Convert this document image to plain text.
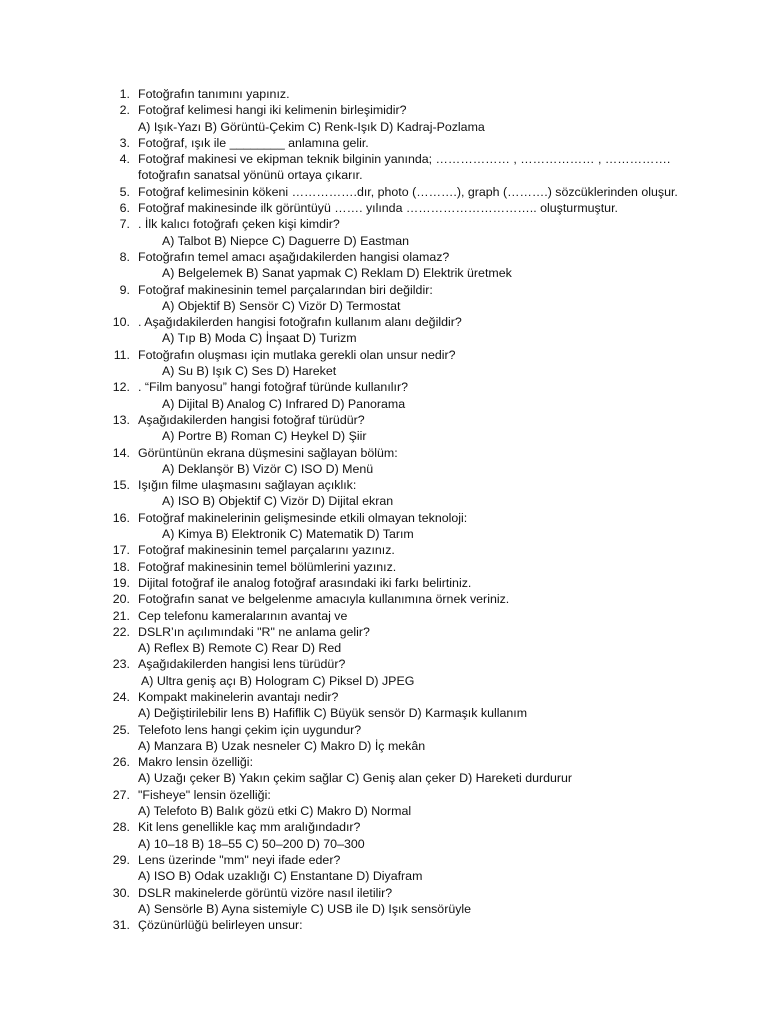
1. Fotoğrafın tanımını yapınız.
2. Fotoğraf kelimesi hangi iki kelimenin birleşimidir?
A) Işık-Yazı B) Görüntü-Çekim C) Renk-Işık D) Kadraj-Pozlama
3. Fotoğraf, ışık ile ________ anlamına gelir.
4. Fotoğraf makinesi ve ekipman teknik bilginin yanında; ……………… , ……………… , …………….
fotoğrafın sanatsal yönünü ortaya çıkarır.
5. Fotoğraf kelimesinin kökeni …………….dır, photo (……….), graph (……….) sözcüklerinden oluşur.
6. Fotoğraf makinesinde ilk görüntüyü ……. yılında ………………………….. oluşturmuştur.
7. . İlk kalıcı fotoğrafı çeken kişi kimdir?
A) Talbot B) Niepce C) Daguerre D) Eastman
8. Fotoğrafın temel amacı aşağıdakilerden hangisi olamaz?
A) Belgelemek B) Sanat yapmak C) Reklam D) Elektrik üretmek
9. Fotoğraf makinesinin temel parçalarından biri değildir:
A) Objektif B) Sensör C) Vizör D) Termostat
10. . Aşağıdakilerden hangisi fotoğrafın kullanım alanı değildir?
A) Tıp B) Moda C) İnşaat D) Turizm
11. Fotoğrafın oluşması için mutlaka gerekli olan unsur nedir?
A) Su B) Işık C) Ses D) Hareket
12. . “Film banyosu” hangi fotoğraf türünde kullanılır?
A) Dijital B) Analog C) Infrared D) Panorama
13. Aşağıdakilerden hangisi fotoğraf türüdür?
A) Portre B) Roman C) Heykel D) Şiir
14. Görüntünün ekrana düşmesini sağlayan bölüm:
A) Deklanşör B) Vizör C) ISO D) Menü
15. Işığın filme ulaşmasını sağlayan açıklık:
A) ISO B) Objektif C) Vizör D) Dijital ekran
16. Fotoğraf makinelerinin gelişmesinde etkili olmayan teknoloji:
A) Kimya B) Elektronik C) Matematik D) Tarım
17. Fotoğraf makinesinin temel parçalarını yazınız.
18. Fotoğraf makinesinin temel bölümlerini yazınız.
19. Dijital fotoğraf ile analog fotoğraf arasındaki iki farkı belirtiniz.
20. Fotoğrafın sanat ve belgelenme amacıyla kullanımına örnek veriniz.
21. Cep telefonu kameralarının avantaj ve
22. DSLR’ın açılımındaki "R" ne anlama gelir?
A) Reflex B) Remote C) Rear D) Red
23. Aşağıdakilerden hangisi lens türüdür?
A) Ultra geniş açı B) Hologram C) Piksel D) JPEG
24. Kompakt makinelerin avantajı nedir?
A) Değiştirilebilir lens B) Hafiflik C) Büyük sensör D) Karmaşık kullanım
25. Telefoto lens hangi çekim için uygundur?
A) Manzara B) Uzak nesneler C) Makro D) İç mekân
26. Makro lensin özelliği:
A) Uzağı çeker B) Yakın çekim sağlar C) Geniş alan çeker D) Hareketi durdurur
27. "Fisheye" lensin özelliği:
A) Telefoto B) Balık gözü etki C) Makro D) Normal
28. Kit lens genellikle kaç mm aralığındadır?
A) 10–18 B) 18–55 C) 50–200 D) 70–300
29. Lens üzerinde "mm" neyi ifade eder?
A) ISO B) Odak uzaklığı C) Enstantane D) Diyafram
30. DSLR makinelerde görüntü vizöre nasıl iletilir?
A) Sensörle B) Ayna sistemiyle C) USB ile D) Işık sensörüyle
31. Çözünürlüğü belirleyen unsur:
